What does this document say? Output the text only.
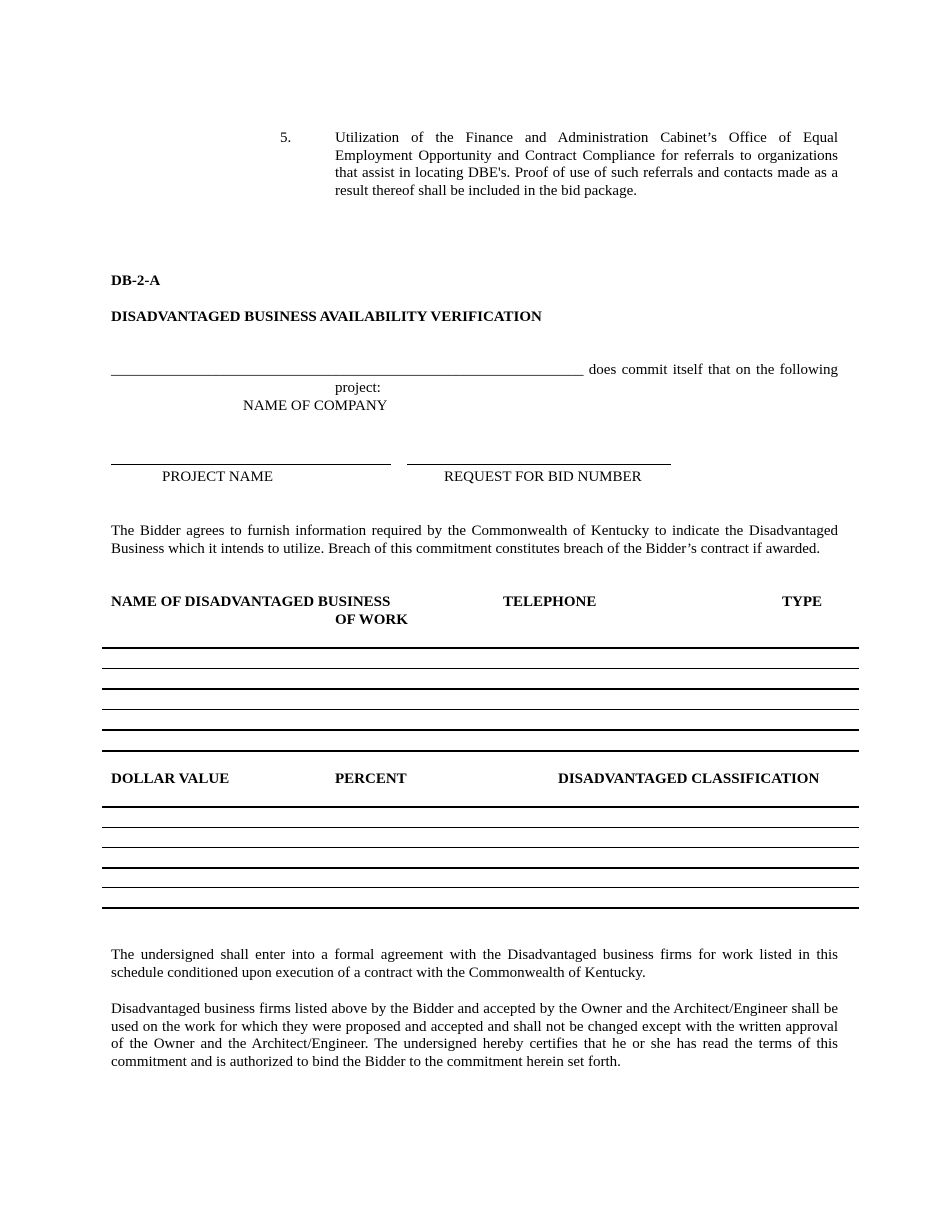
5.	Utilization of the Finance and Administration Cabinet’s Office of Equal Employment Opportunity and Contract Compliance for referrals to organizations that assist in locating DBE's. Proof of use of such referrals and contacts made as a result thereof shall be included in the bid package.
DB-2-A
DISADVANTAGED BUSINESS AVAILABILITY VERIFICATION
_______________________________________________________________ does commit itself that on the following
project:
NAME OF COMPANY
PROJECT NAME	REQUEST FOR BID NUMBER
The Bidder agrees to furnish information required by the Commonwealth of Kentucky to indicate the Disadvantaged Business which it intends to utilize. Breach of this commitment constitutes breach of the Bidder’s contract if awarded.
NAME OF DISADVANTAGED BUSINESS	TELEPHONE	TYPE
OF WORK
DOLLAR VALUE	PERCENT	DISADVANTAGED CLASSIFICATION
The undersigned shall enter into a formal agreement with the Disadvantaged business firms for work listed in this schedule conditioned upon execution of a contract with the Commonwealth of Kentucky.
Disadvantaged business firms listed above by the Bidder and accepted by the Owner and the Architect/Engineer shall be used on the work for which they were proposed and accepted and shall not be changed except with the written approval of the Owner and the Architect/Engineer. The undersigned hereby certifies that he or she has read the terms of this commitment and is authorized to bind the Bidder to the commitment herein set forth.
